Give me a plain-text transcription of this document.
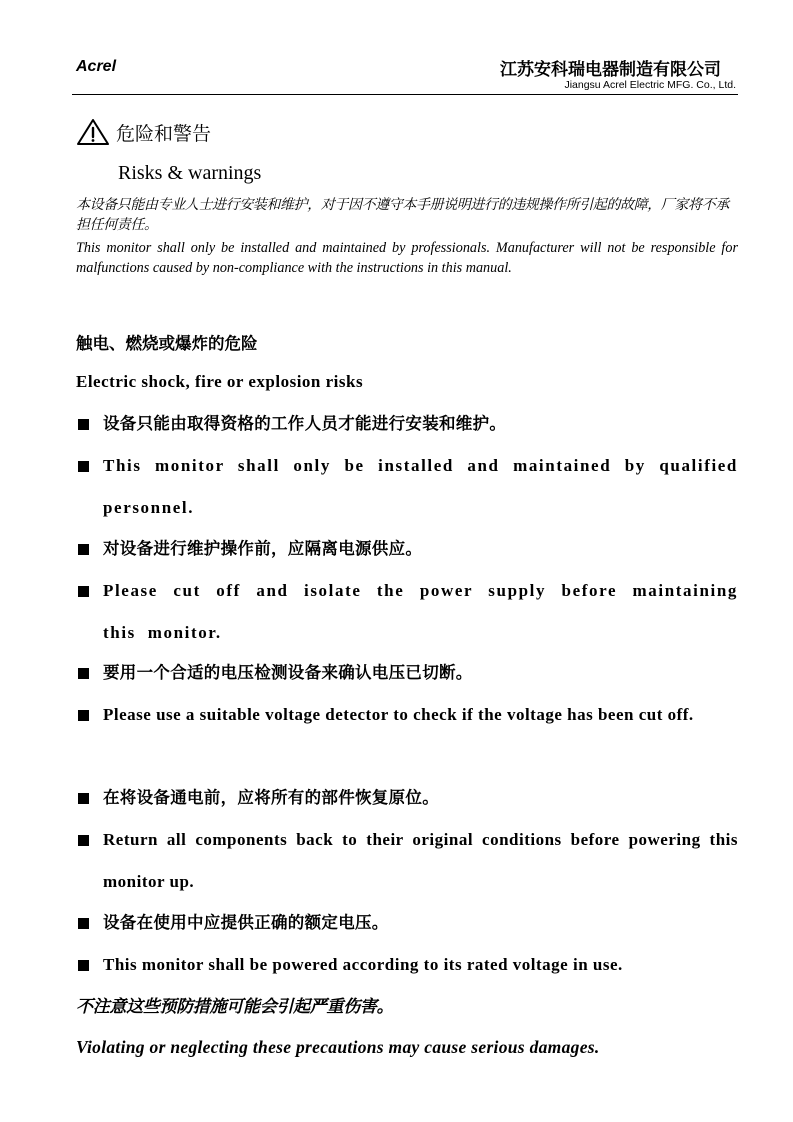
Acrel	江苏安科瑞电器制造有限公司
Jiangsu Acrel Electric MFG. Co., Ltd.
危险和警告
Risks & warnings
本设备只能由专业人士进行安装和维护，对于因不遵守本手册说明进行的违规操作所引起的故障，厂家将不承担任何责任。
This monitor shall only be installed and maintained by professionals. Manufacturer will not be responsible for malfunctions caused by non-compliance with the instructions in this manual.
触电、燃烧或爆炸的危险
Electric shock, fire or explosion risks
设备只能由取得资格的工作人员才能进行安装和维护。
This monitor shall only be installed and maintained by qualified personnel.
对设备进行维护操作前，应隔离电源供应。
Please cut off and isolate the power supply before maintaining this monitor.
要用一个合适的电压检测设备来确认电压已切断。
Please use a suitable voltage detector to check if the voltage has been cut off.
在将设备通电前，应将所有的部件恢复原位。
Return all components back to their original conditions before powering this monitor up.
设备在使用中应提供正确的额定电压。
This monitor shall be powered according to its rated voltage in use.
不注意这些预防措施可能会引起严重伤害。
Violating or neglecting these precautions may cause serious damages.
